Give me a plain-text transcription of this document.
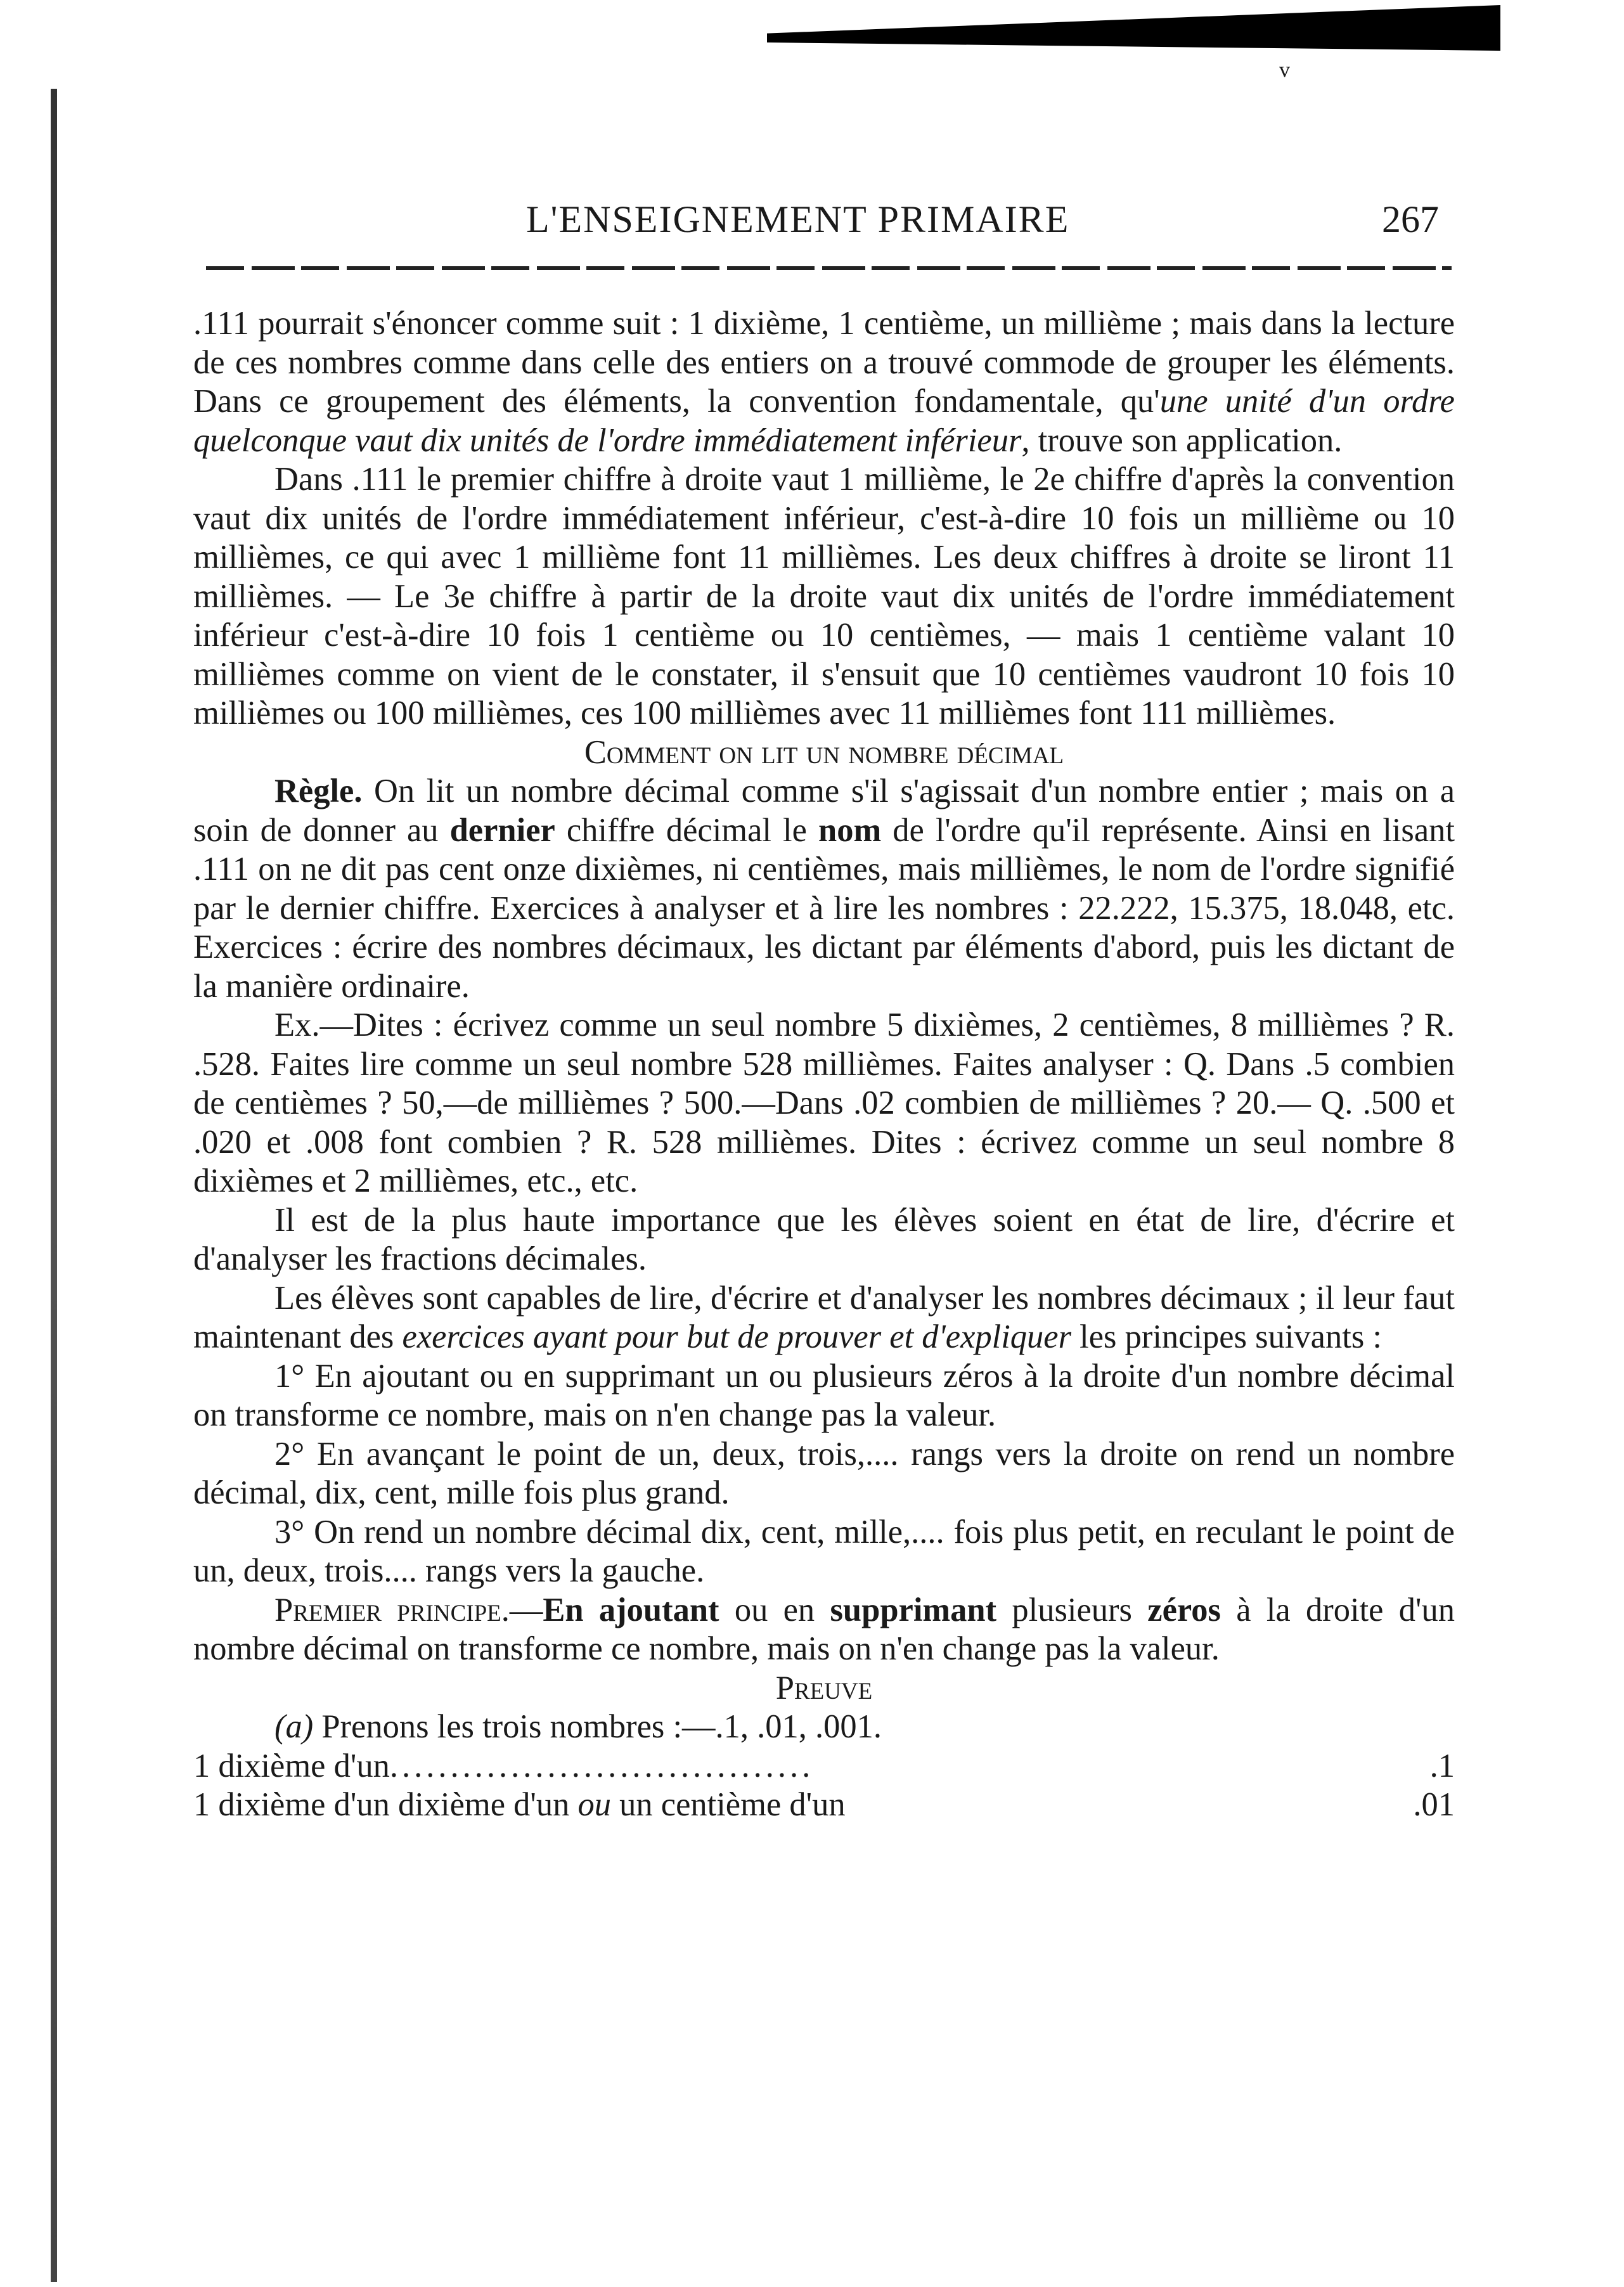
v
L'ENSEIGNEMENT PRIMAIRE	267

.111 pourrait s'énoncer comme suit : 1 dixième, 1 centième, un millième ; mais dans la lecture de ces nombres comme dans celle des entiers on a trouvé commode de grouper les éléments. Dans ce groupement des éléments, la convention fondamentale, qu'une unité d'un ordre quelconque vaut dix unités de l'ordre immédiatement inférieur, trouve son application.

Dans .111 le premier chiffre à droite vaut 1 millième, le 2e chiffre d'après la convention vaut dix unités de l'ordre immédiatement inférieur, c'est-à-dire 10 fois un millième ou 10 millièmes, ce qui avec 1 millième font 11 millièmes. Les deux chiffres à droite se liront 11 millièmes. — Le 3e chiffre à partir de la droite vaut dix unités de l'ordre immédiatement inférieur c'est-à-dire 10 fois 1 centième ou 10 centièmes, — mais 1 centième valant 10 millièmes comme on vient de le constater, il s'ensuit que 10 centièmes vaudront 10 fois 10 millièmes ou 100 millièmes, ces 100 millièmes avec 11 millièmes font 111 millièmes.

Comment on lit un nombre décimal

Règle. On lit un nombre décimal comme s'il s'agissait d'un nombre entier ; mais on a soin de donner au dernier chiffre décimal le nom de l'ordre qu'il représente. Ainsi en lisant .111 on ne dit pas cent onze dixièmes, ni centièmes, mais millièmes, le nom de l'ordre signifié par le dernier chiffre. Exercices à analyser et à lire les nombres : 22.222, 15.375, 18.048, etc. Exercices : écrire des nombres décimaux, les dictant par éléments d'abord, puis les dictant de la manière ordinaire.

Ex.—Dites : écrivez comme un seul nombre 5 dixièmes, 2 centièmes, 8 millièmes ? R. .528. Faites lire comme un seul nombre 528 millièmes. Faites analyser : Q. Dans .5 combien de centièmes ? 50,—de millièmes ? 500.—Dans .02 combien de millièmes ? 20.— Q. .500 et .020 et .008 font combien ? R. 528 millièmes. Dites : écrivez comme un seul nombre 8 dixièmes et 2 millièmes, etc., etc.

Il est de la plus haute importance que les élèves soient en état de lire, d'écrire et d'analyser les fractions décimales.

Les élèves sont capables de lire, d'écrire et d'analyser les nombres décimaux ; il leur faut maintenant des exercices ayant pour but de prouver et d'expliquer les principes suivants :

1° En ajoutant ou en supprimant un ou plusieurs zéros à la droite d'un nombre décimal on transforme ce nombre, mais on n'en change pas la valeur.

2° En avançant le point de un, deux, trois,.... rangs vers la droite on rend un nombre décimal, dix, cent, mille fois plus grand.

3° On rend un nombre décimal dix, cent, mille,.... fois plus petit, en reculant le point de un, deux, trois.... rangs vers la gauche.

Premier principe.—En ajoutant ou en supprimant plusieurs zéros à la droite d'un nombre décimal on transforme ce nombre, mais on n'en change pas la valeur.

Preuve

(a) Prenons les trois nombres :—.1, .01, .001.

1 dixième d'un ...................................	.1
1 dixième d'un dixième d'un ou un centième d'un	.01
